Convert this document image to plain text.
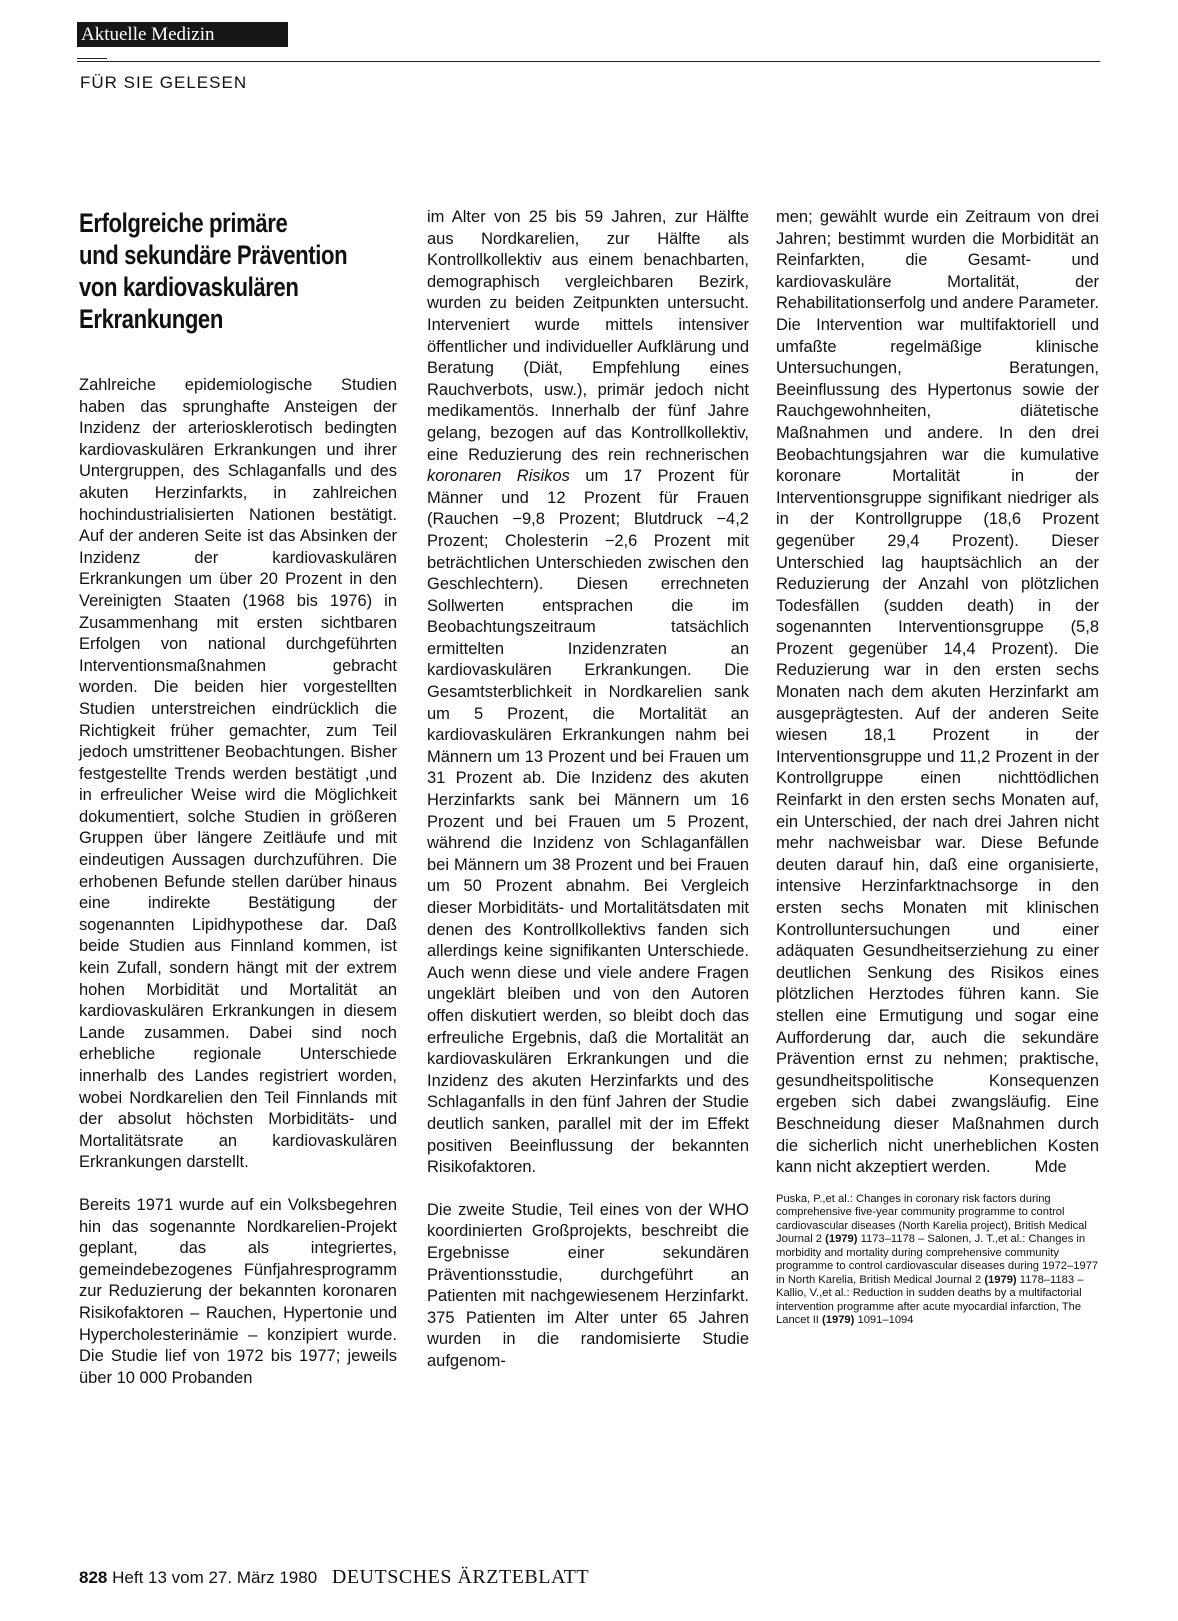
Aktuelle Medizin
FÜR SIE GELESEN
Erfolgreiche primäre
und sekundäre Prävention
von kardiovaskulären
Erkrankungen

Zahlreiche epidemiologische Studien haben das sprunghafte Ansteigen der Inzidenz der arteriosklerotisch bedingten kardiovaskulären Erkrankungen und ihrer Untergruppen, des Schlaganfalls und des akuten Herzinfarkts, in zahlreichen hochindustrialisierten Nationen bestätigt. Auf der anderen Seite ist das Absinken der Inzidenz der kardiovaskulären Erkrankungen um über 20 Prozent in den Vereinigten Staaten (1968 bis 1976) in Zusammenhang mit ersten sichtbaren Erfolgen von national durchgeführten Interventionsmaßnahmen gebracht worden. Die beiden hier vorgestellten Studien unterstreichen eindrücklich die Richtigkeit früher gemachter, zum Teil jedoch umstrittener Beobachtungen. Bisher festgestellte Trends werden bestätigt ,und in erfreulicher Weise wird die Möglichkeit dokumentiert, solche Studien in größeren Gruppen über längere Zeitläufe und mit eindeutigen Aussagen durchzuführen. Die erhobenen Befunde stellen darüber hinaus eine indirekte Bestätigung der sogenannten Lipidhypothese dar. Daß beide Studien aus Finnland kommen, ist kein Zufall, sondern hängt mit der extrem hohen Morbidität und Mortalität an kardiovaskulären Erkrankungen in diesem Lande zusammen. Dabei sind noch erhebliche regionale Unterschiede innerhalb des Landes registriert worden, wobei Nordkarelien den Teil Finnlands mit der absolut höchsten Morbiditäts- und Mortalitätsrate an kardiovaskulären Erkrankungen darstellt.

Bereits 1971 wurde auf ein Volksbegehren hin das sogenannte Nordkarelien-Projekt geplant, das als integriertes, gemeindebezogenes Fünfjahresprogramm zur Reduzierung der bekannten koronaren Risikofaktoren – Rauchen, Hypertonie und Hypercholesterinämie – konzipiert wurde. Die Studie lief von 1972 bis 1977; jeweils über 10 000 Probanden

im Alter von 25 bis 59 Jahren, zur Hälfte aus Nordkarelien, zur Hälfte als Kontrollkollektiv aus einem benachbarten, demographisch vergleichbaren Bezirk, wurden zu beiden Zeitpunkten untersucht. Interveniert wurde mittels intensiver öffentlicher und individueller Aufklärung und Beratung (Diät, Empfehlung eines Rauchverbots, usw.), primär jedoch nicht medikamentös. Innerhalb der fünf Jahre gelang, bezogen auf das Kontrollkollektiv, eine Reduzierung des rein rechnerischen koronaren Risikos um 17 Prozent für Männer und 12 Prozent für Frauen (Rauchen −9,8 Prozent; Blutdruck −4,2 Prozent; Cholesterin −2,6 Prozent mit beträchtlichen Unterschieden zwischen den Geschlechtern). Diesen errechneten Sollwerten entsprachen die im Beobachtungszeitraum tatsächlich ermittelten Inzidenzraten an kardiovaskulären Erkrankungen. Die Gesamtsterblichkeit in Nordkarelien sank um 5 Prozent, die Mortalität an kardiovaskulären Erkrankungen nahm bei Männern um 13 Prozent und bei Frauen um 31 Prozent ab. Die Inzidenz des akuten Herzinfarkts sank bei Männern um 16 Prozent und bei Frauen um 5 Prozent, während die Inzidenz von Schlaganfällen bei Männern um 38 Prozent und bei Frauen um 50 Prozent abnahm. Bei Vergleich dieser Morbiditäts- und Mortalitätsdaten mit denen des Kontrollkollektivs fanden sich allerdings keine signifikanten Unterschiede. Auch wenn diese und viele andere Fragen ungeklärt bleiben und von den Autoren offen diskutiert werden, so bleibt doch das erfreuliche Ergebnis, daß die Mortalität an kardiovaskulären Erkrankungen und die Inzidenz des akuten Herzinfarkts und des Schlaganfalls in den fünf Jahren der Studie deutlich sanken, parallel mit der im Effekt positiven Beeinflussung der bekannten Risikofaktoren.

Die zweite Studie, Teil eines von der WHO koordinierten Großprojekts, beschreibt die Ergebnisse einer sekundären Präventionsstudie, durchgeführt an Patienten mit nachgewiesenem Herzinfarkt. 375 Patienten im Alter unter 65 Jahren wurden in die randomisierte Studie aufgenom-

men; gewählt wurde ein Zeitraum von drei Jahren; bestimmt wurden die Morbidität an Reinfarkten, die Gesamt- und kardiovaskuläre Mortalität, der Rehabilitationserfolg und andere Parameter. Die Intervention war multifaktoriell und umfaßte regelmäßige klinische Untersuchungen, Beratungen, Beeinflussung des Hypertonus sowie der Rauchgewohnheiten, diätetische Maßnahmen und andere. In den drei Beobachtungsjahren war die kumulative koronare Mortalität in der Interventionsgruppe signifikant niedriger als in der Kontrollgruppe (18,6 Prozent gegenüber 29,4 Prozent). Dieser Unterschied lag hauptsächlich an der Reduzierung der Anzahl von plötzlichen Todesfällen (sudden death) in der sogenannten Interventionsgruppe (5,8 Prozent gegenüber 14,4 Prozent). Die Reduzierung war in den ersten sechs Monaten nach dem akuten Herzinfarkt am ausgeprägtesten. Auf der anderen Seite wiesen 18,1 Prozent in der Interventionsgruppe und 11,2 Prozent in der Kontrollgruppe einen nichttödlichen Reinfarkt in den ersten sechs Monaten auf, ein Unterschied, der nach drei Jahren nicht mehr nachweisbar war. Diese Befunde deuten darauf hin, daß eine organisierte, intensive Herzinfarktnachsorge in den ersten sechs Monaten mit klinischen Kontrolluntersuchungen und einer adäquaten Gesundheitserziehung zu einer deutlichen Senkung des Risikos eines plötzlichen Herztodes führen kann. Sie stellen eine Ermutigung und sogar eine Aufforderung dar, auch die sekundäre Prävention ernst zu nehmen; praktische, gesundheitspolitische Konsequenzen ergeben sich dabei zwangsläufig. Eine Beschneidung dieser Maßnahmen durch die sicherlich nicht unerheblichen Kosten kann nicht akzeptiert werden.	Mde

Puska, P.,et al.: Changes in coronary risk factors during comprehensive five-year community programme to control cardiovascular diseases (North Karelia project), British Medical Journal 2 (1979) 1173–1178 – Salonen, J. T.,et al.: Changes in morbidity and mortality during comprehensive community programme to control cardiovascular diseases during 1972–1977 in North Karelia, British Medical Journal 2 (1979) 1178–1183 – Kallio, V.,et al.: Reduction in sudden deaths by a multifactorial intervention programme after acute myocardial infarction, The Lancet II (1979) 1091–1094
828 Heft 13 vom 27. März 1980 DEUTSCHES ÄRZTEBLATT
